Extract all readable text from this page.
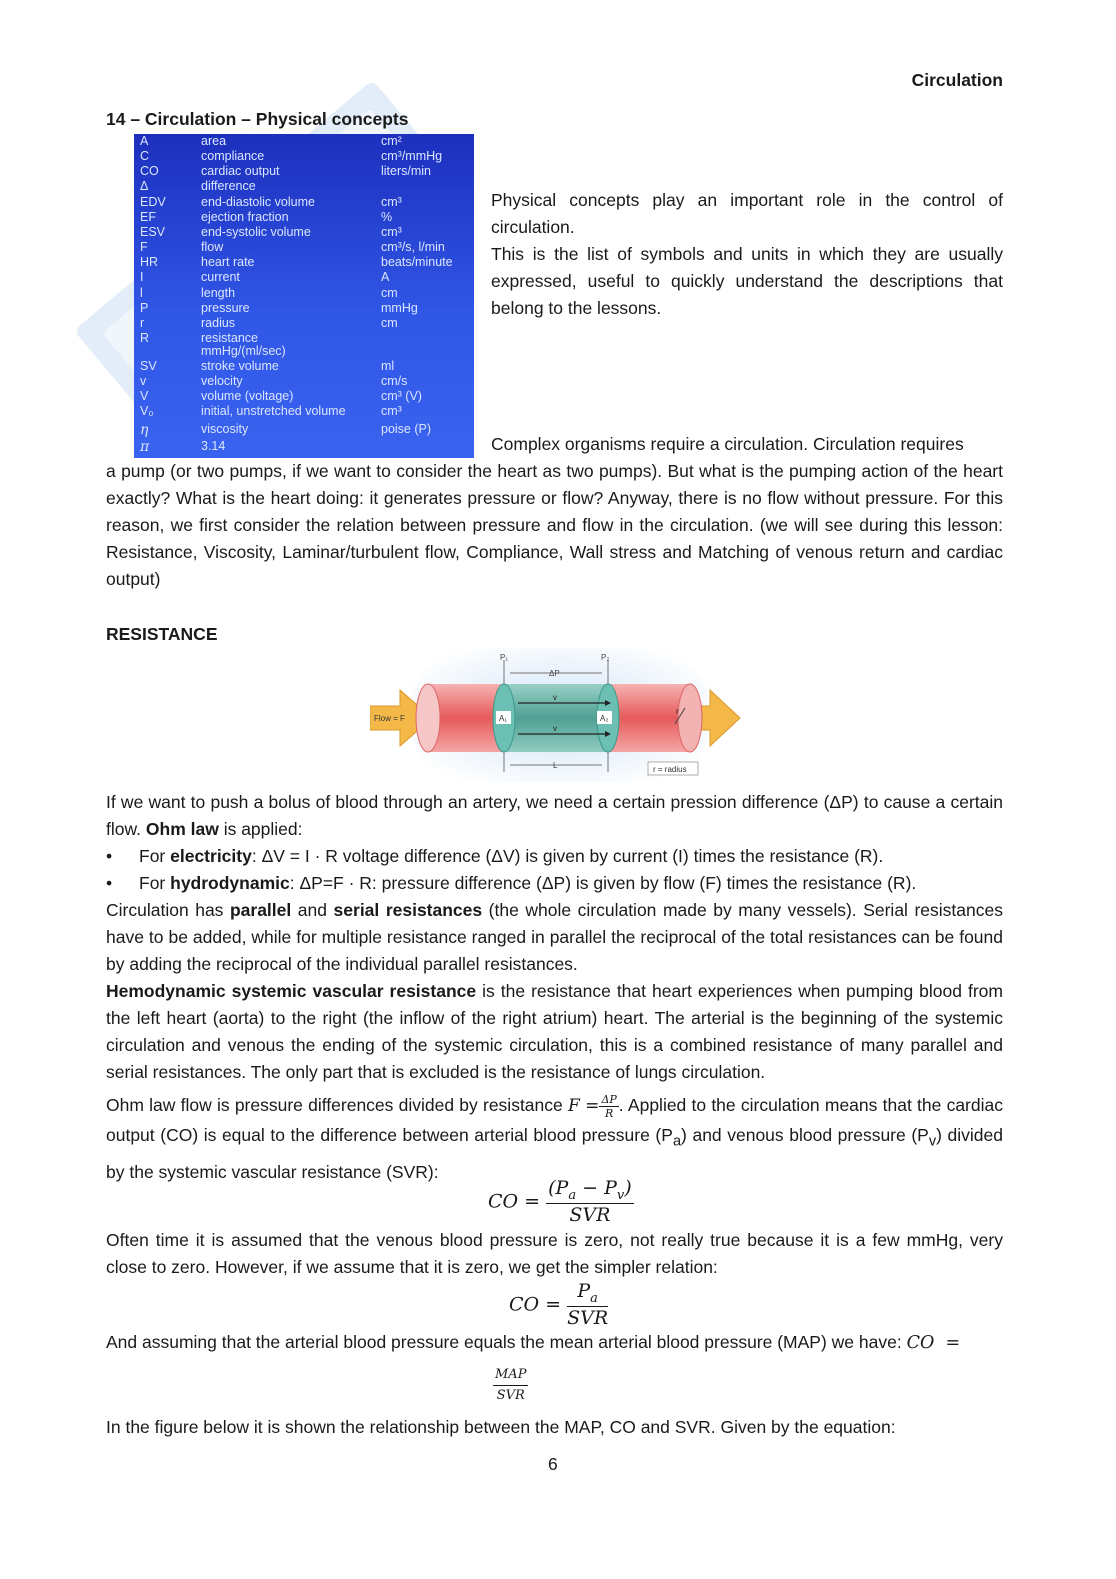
Circulation
14 – Circulation – Physical concepts
A	area	cm²
C	compliance	cm³/mmHg
CO	cardiac output	liters/min
Δ	difference
EDV	end-diastolic volume	cm³
EF	ejection fraction	%
ESV	end-systolic volume	cm³
F	flow	cm³/s, l/min
HR	heart rate	beats/minute
I	current	A
l	length	cm
P	pressure	mmHg
r	radius	cm
R	resistance
mmHg/(ml/sec)
SV	stroke volume	ml
v	velocity	cm/s
V	volume (voltage)	cm³ (V)
V₀	initial, unstretched volume	cm³
η	viscosity	poise (P)
π	3.14
Physical concepts play an important role in the control of circulation.
This is the list of symbols and units in which they are usually expressed, useful to quickly understand the descriptions that belong to the lessons.
Complex organisms require a circulation. Circulation requires
a pump (or two pumps, if we want to consider the heart as two pumps). But what is the pumping action of the heart exactly? What is the heart doing: it generates pressure or flow? Anyway, there is no flow without pressure. For this reason, we first consider the relation between pressure and flow in the circulation. (we will see during this lesson: Resistance, Viscosity, Laminar/turbulent flow, Compliance, Wall stress and Matching of venous return and cardiac output)
RESISTANCE
P₁	P₂
ΔP
Flow = F	A₁	A₂
v
v
L
r
r = radius
If we want to push a bolus of blood through an artery, we need a certain pression difference (ΔP) to cause a certain flow. Ohm law is applied:
• For electricity: ΔV = I · R voltage difference (ΔV) is given by current (I) times the resistance (R).
• For hydrodynamic: ΔP=F · R: pressure difference (ΔP) is given by flow (F) times the resistance (R).
Circulation has parallel and serial resistances (the whole circulation made by many vessels). Serial resistances have to be added, while for multiple resistance ranged in parallel the reciprocal of the total resistances can be found by adding the reciprocal of the individual parallel resistances.
Hemodynamic systemic vascular resistance is the resistance that heart experiences when pumping blood from the left heart (aorta) to the right (the inflow of the right atrium) heart. The arterial is the beginning of the systemic circulation and venous the ending of the systemic circulation, this is a combined resistance of many parallel and serial resistances. The only part that is excluded is the resistance of lungs circulation.
Ohm law flow is pressure differences divided by resistance $F = \frac{\Delta P}{R}$ . Applied to the circulation means that the cardiac output (CO) is equal to the difference between arterial blood pressure $(P_a)$ and venous blood pressure $(P_v)$ divided by the systemic vascular resistance (SVR):
CO = $\frac{(P_a - P_v)}{\text{SVR}}$
Often time it is assumed that the venous blood pressure is zero, not really true because it is a few mmHg, very close to zero. However, if we assume that it is zero, we get the simpler relation:
CO = $\frac{P_a}{\text{SVR}}$
And assuming that the arterial blood pressure equals the mean arterial blood pressure (MAP) we have: CO  =
$\frac{\text{MAP}}{\text{SVR}}$
In the figure below it is shown the relationship between the MAP, CO and SVR. Given by the equation:
6
